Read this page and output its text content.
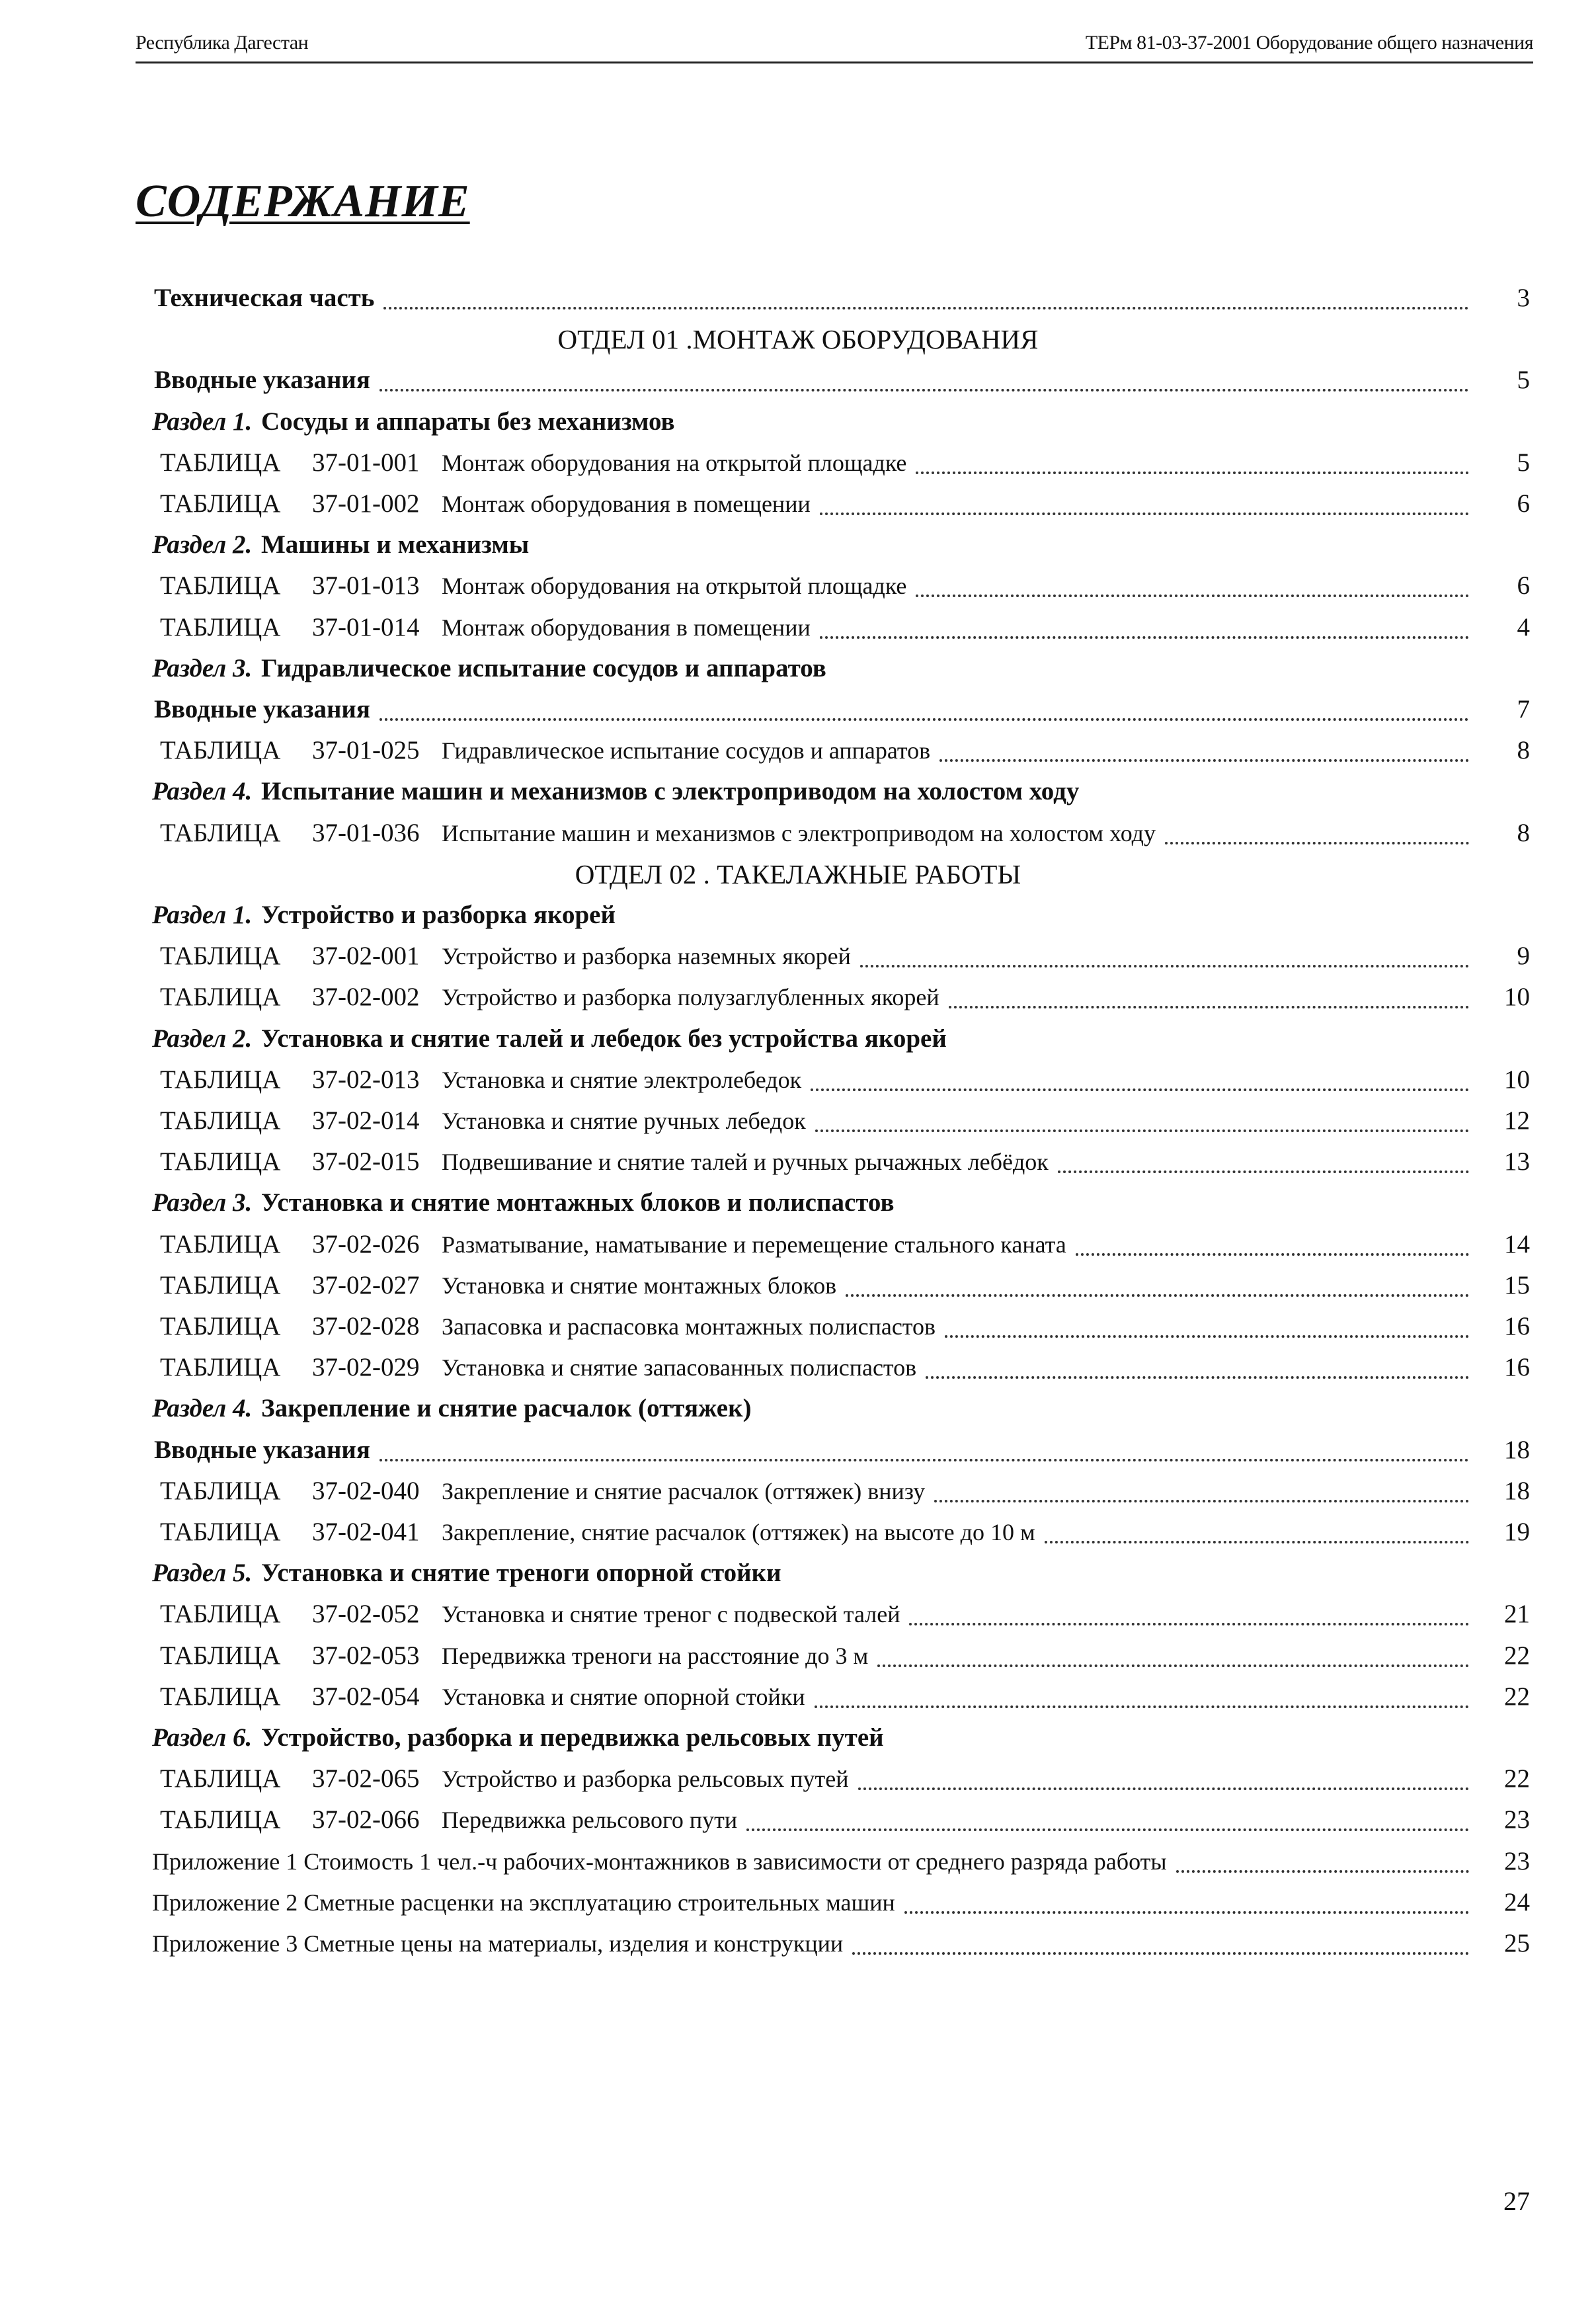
Республика Дагестан	ТЕРм 81-03-37-2001 Оборудование общего назначения
СОДЕРЖАНИЕ
Техническая часть	3
ОТДЕЛ 01 .МОНТАЖ ОБОРУДОВАНИЯ
Вводные указания	5
Раздел 1. Сосуды и аппараты без механизмов
ТАБЛИЦА 37-01-001 Монтаж оборудования на открытой площадке	5
ТАБЛИЦА 37-01-002 Монтаж оборудования в помещении	6
Раздел 2. Машины и механизмы
ТАБЛИЦА 37-01-013 Монтаж оборудования на открытой площадке	6
ТАБЛИЦА 37-01-014 Монтаж оборудования в помещении	4
Раздел 3. Гидравлическое испытание сосудов и аппаратов
Вводные указания	7
ТАБЛИЦА 37-01-025 Гидравлическое испытание сосудов и аппаратов	8
Раздел 4. Испытание машин и механизмов с электроприводом на холостом ходу
ТАБЛИЦА 37-01-036 Испытание машин и механизмов с электроприводом на холостом ходу	8
ОТДЕЛ 02 . ТАКЕЛАЖНЫЕ РАБОТЫ
Раздел 1. Устройство и разборка якорей
ТАБЛИЦА 37-02-001 Устройство и разборка наземных якорей	9
ТАБЛИЦА 37-02-002 Устройство и разборка полузаглубленных якорей	10
Раздел 2. Установка и снятие талей и лебедок без устройства якорей
ТАБЛИЦА 37-02-013 Установка и снятие электролебедок	10
ТАБЛИЦА 37-02-014 Установка и снятие ручных лебедок	12
ТАБЛИЦА 37-02-015 Подвешивание и снятие талей и ручных рычажных лебёдок	13
Раздел 3. Установка и снятие монтажных блоков и полиспастов
ТАБЛИЦА 37-02-026 Разматывание, наматывание и перемещение стального каната	14
ТАБЛИЦА 37-02-027 Установка и снятие монтажных блоков	15
ТАБЛИЦА 37-02-028 Запасовка и распасовка монтажных полиспастов	16
ТАБЛИЦА 37-02-029 Установка и снятие запасованных полиспастов	16
Раздел 4. Закрепление и снятие расчалок (оттяжек)
Вводные указания	18
ТАБЛИЦА 37-02-040 Закрепление и снятие расчалок (оттяжек) внизу	18
ТАБЛИЦА 37-02-041 Закрепление, снятие расчалок (оттяжек) на высоте до 10 м	19
Раздел 5. Установка и снятие треноги опорной стойки
ТАБЛИЦА 37-02-052 Установка и снятие треног с подвеской талей	21
ТАБЛИЦА 37-02-053 Передвижка треноги на расстояние до 3 м	22
ТАБЛИЦА 37-02-054 Установка и снятие опорной стойки	22
Раздел 6. Устройство, разборка и передвижка рельсовых путей
ТАБЛИЦА 37-02-065 Устройство и разборка рельсовых путей	22
ТАБЛИЦА 37-02-066 Передвижка рельсового пути	23
Приложение 1 Стоимость 1 чел.-ч рабочих-монтажников в зависимости от среднего разряда работы	23
Приложение 2 Сметные расценки на эксплуатацию строительных машин	24
Приложение 3 Сметные цены на материалы, изделия и конструкции	25
27
